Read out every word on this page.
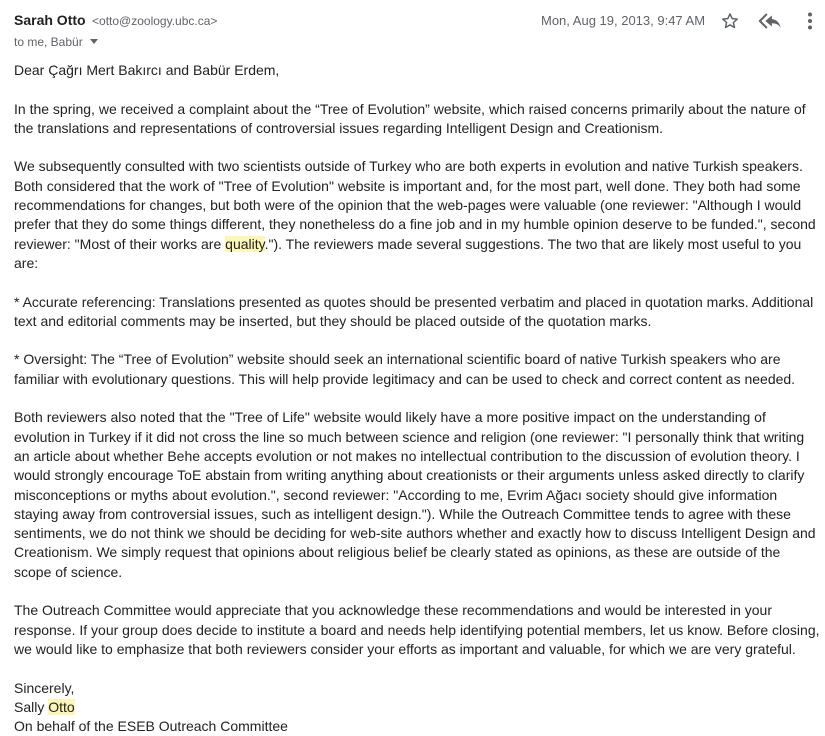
Sarah Otto <otto@zoology.ubc.ca>
to me, Babür
Mon, Aug 19, 2013, 9:47 AM

Dear Çağrı Mert Bakırcı and Babür Erdem,

In the spring, we received a complaint about the “Tree of Evolution” website, which raised concerns primarily about the nature of the translations and representations of controversial issues regarding Intelligent Design and Creationism.

We subsequently consulted with two scientists outside of Turkey who are both experts in evolution and native Turkish speakers. Both considered that the work of "Tree of Evolution" website is important and, for the most part, well done. They both had some recommendations for changes, but both were of the opinion that the web-pages were valuable (one reviewer: "Although I would prefer that they do some things different, they nonetheless do a fine job and in my humble opinion deserve to be funded.", second reviewer: "Most of their works are quality."). The reviewers made several suggestions. The two that are likely most useful to you are:

* Accurate referencing: Translations presented as quotes should be presented verbatim and placed in quotation marks. Additional text and editorial comments may be inserted, but they should be placed outside of the quotation marks.

* Oversight: The “Tree of Evolution” website should seek an international scientific board of native Turkish speakers who are familiar with evolutionary questions. This will help provide legitimacy and can be used to check and correct content as needed.

Both reviewers also noted that the "Tree of Life" website would likely have a more positive impact on the understanding of evolution in Turkey if it did not cross the line so much between science and religion (one reviewer: "I personally think that writing an article about whether Behe accepts evolution or not makes no intellectual contribution to the discussion of evolution theory. I would strongly encourage ToE abstain from writing anything about creationists or their arguments unless asked directly to clarify misconceptions or myths about evolution.", second reviewer: "According to me, Evrim Ağacı society should give information staying away from controversial issues, such as intelligent design."). While the Outreach Committee tends to agree with these sentiments, we do not think we should be deciding for web-site authors whether and exactly how to discuss Intelligent Design and Creationism. We simply request that opinions about religious belief be clearly stated as opinions, as these are outside of the scope of science.

The Outreach Committee would appreciate that you acknowledge these recommendations and would be interested in your response. If your group does decide to institute a board and needs help identifying potential members, let us know. Before closing, we would like to emphasize that both reviewers consider your efforts as important and valuable, for which we are very grateful.

Sincerely,
Sally Otto
On behalf of the ESEB Outreach Committee
